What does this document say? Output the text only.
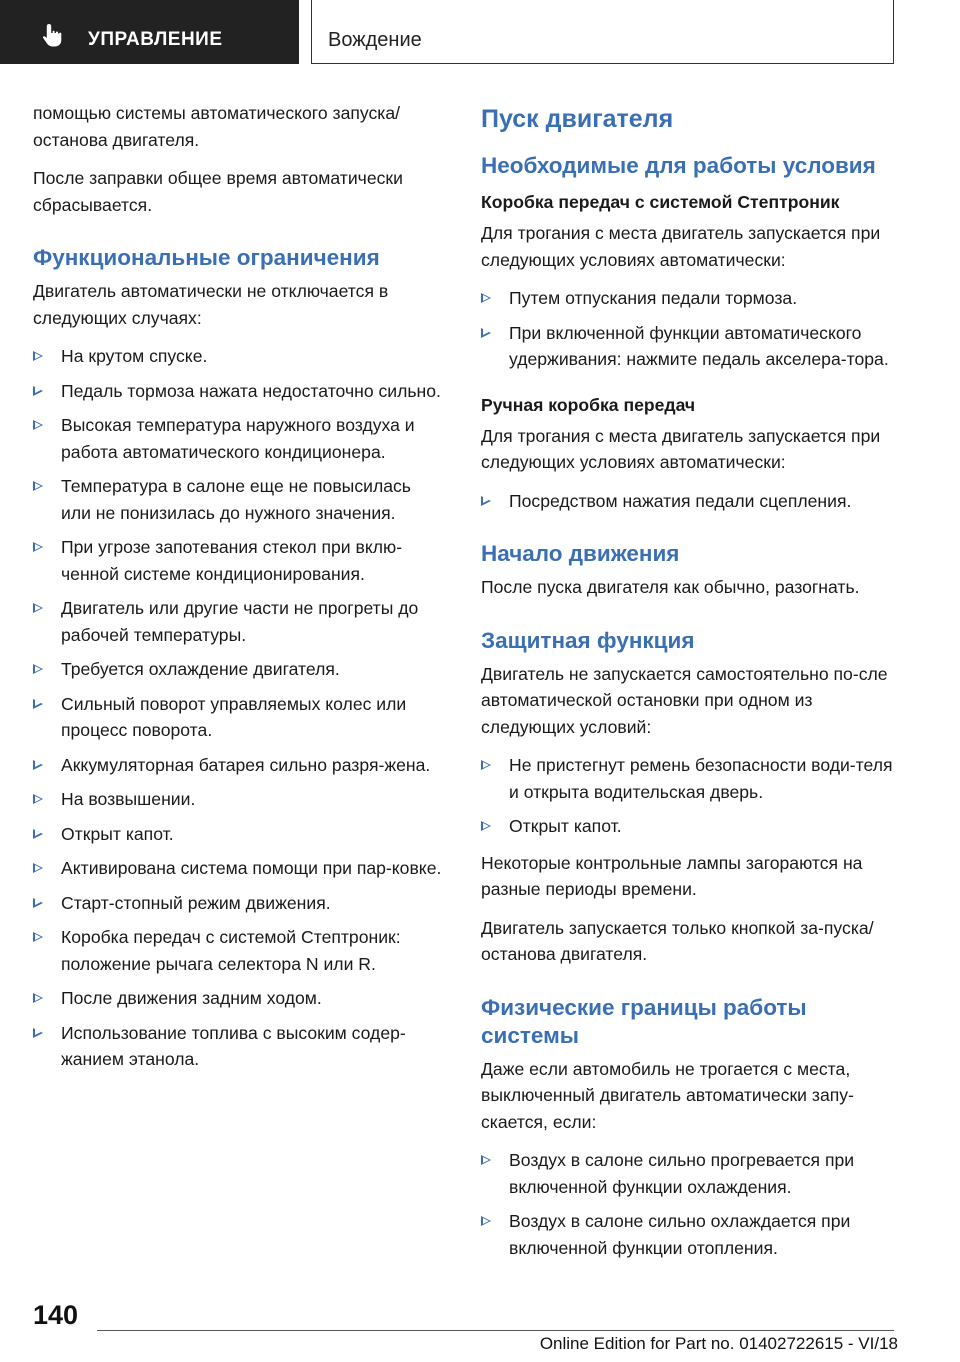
УПРАВЛЕНИЕ	Вождение

помощью системы автоматического запуска/останова двигателя.

После заправки общее время автоматически сбрасывается.

Функциональные ограничения

Двигатель автоматически не отключается в следующих случаях:

На крутом спуске.
Педаль тормоза нажата недостаточно сильно.
Высокая температура наружного воздуха и работа автоматического кондиционера.
Температура в салоне еще не повысилась или не понизилась до нужного значения.
При угрозе запотевания стекол при вклю-ченной системе кондиционирования.
Двигатель или другие части не прогреты до рабочей температуры.
Требуется охлаждение двигателя.
Сильный поворот управляемых колес или процесс поворота.
Аккумуляторная батарея сильно разря-жена.
На возвышении.
Открыт капот.
Активирована система помощи при пар-ковке.
Старт-стопный режим движения.
Коробка передач с системой Стептроник: положение рычага селектора N или R.
После движения задним ходом.
Использование топлива с высоким содер-жанием этанола.
Пуск двигателя
Необходимые для работы условия
Коробка передач с системой Стептроник

Для трогания с места двигатель запускается при следующих условиях автоматически:

Путем отпускания педали тормоза.
При включенной функции автоматического удерживания: нажмите педаль акселера-тора.
Ручная коробка передач

Для трогания с места двигатель запускается при следующих условиях автоматически:

Посредством нажатия педали сцепления.
Начало движения

После пуска двигателя как обычно, разогнать.

Защитная функция

Двигатель не запускается самостоятельно по-сле автоматической остановки при одном из следующих условий:

Не пристегнут ремень безопасности води-теля и открыта водительская дверь.
Открыт капот.

Некоторые контрольные лампы загораются на разные периоды времени.

Двигатель запускается только кнопкой за-пуска/останова двигателя.

Физические границы работы системы

Даже если автомобиль не трогается с места, выключенный двигатель автоматически запу-скается, если:

Воздух в салоне сильно прогревается при включенной функции охлаждения.
Воздух в салоне сильно охлаждается при включенной функции отопления.
140
Online Edition for Part no. 01402722615 - VI/18
